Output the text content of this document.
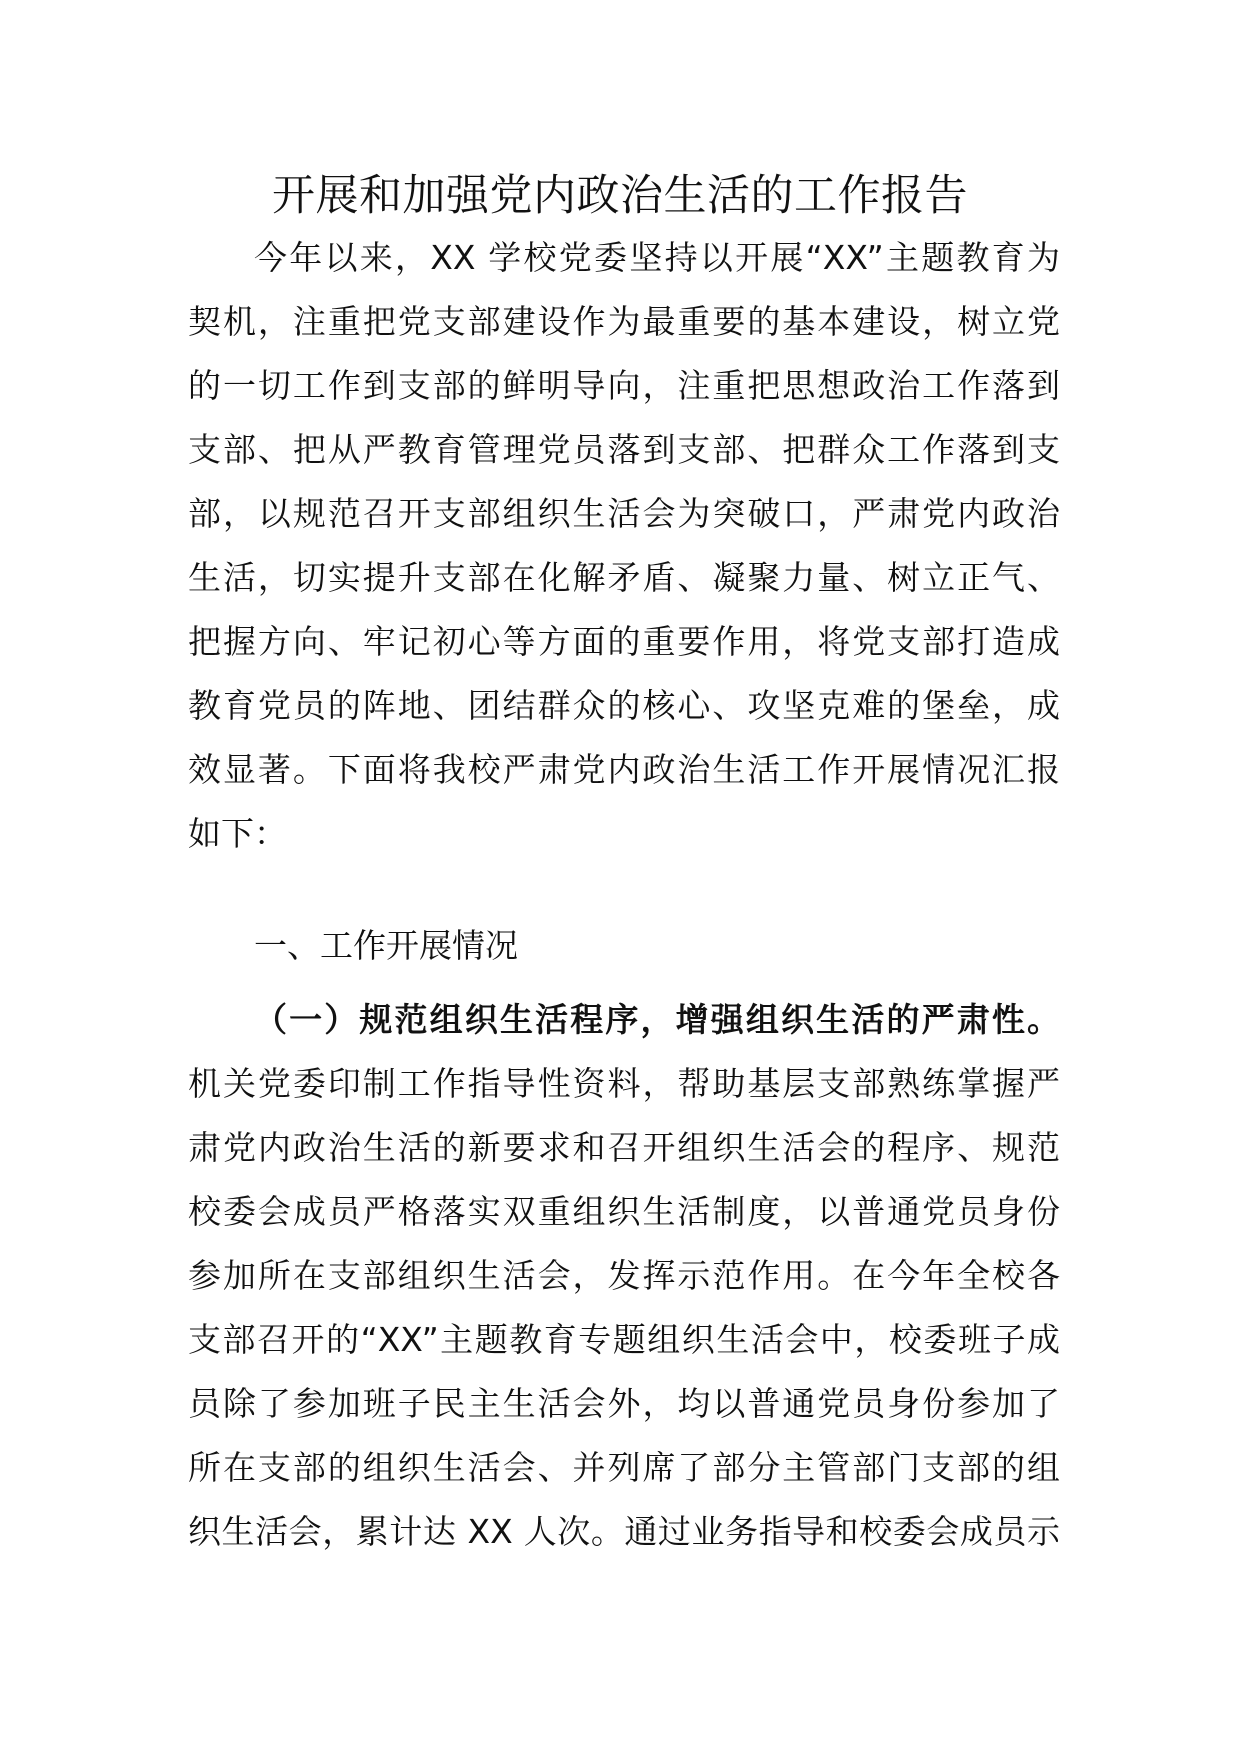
开展和加强党内政治生活的工作报告
今年以来，XX 学校党委坚持以开展“XX”主题教育为
契机，注重把党支部建设作为最重要的基本建设，树立党
的一切工作到支部的鲜明导向，注重把思想政治工作落到
支部、把从严教育管理党员落到支部、把群众工作落到支
部，以规范召开支部组织生活会为突破口，严肃党内政治
生活，切实提升支部在化解矛盾、凝聚力量、树立正气、
把握方向、牢记初心等方面的重要作用，将党支部打造成
教育党员的阵地、团结群众的核心、攻坚克难的堡垒，成
效显著。下面将我校严肃党内政治生活工作开展情况汇报
如下：
一、工作开展情况
（一）规范组织生活程序，增强组织生活的严肃性。
机关党委印制工作指导性资料，帮助基层支部熟练掌握严
肃党内政治生活的新要求和召开组织生活会的程序、规范
校委会成员严格落实双重组织生活制度，以普通党员身份
参加所在支部组织生活会，发挥示范作用。在今年全校各
支部召开的“XX”主题教育专题组织生活会中，校委班子成
员除了参加班子民主生活会外，均以普通党员身份参加了
所在支部的组织生活会、并列席了部分主管部门支部的组
织生活会，累计达 XX 人次。通过业务指导和校委会成员示
